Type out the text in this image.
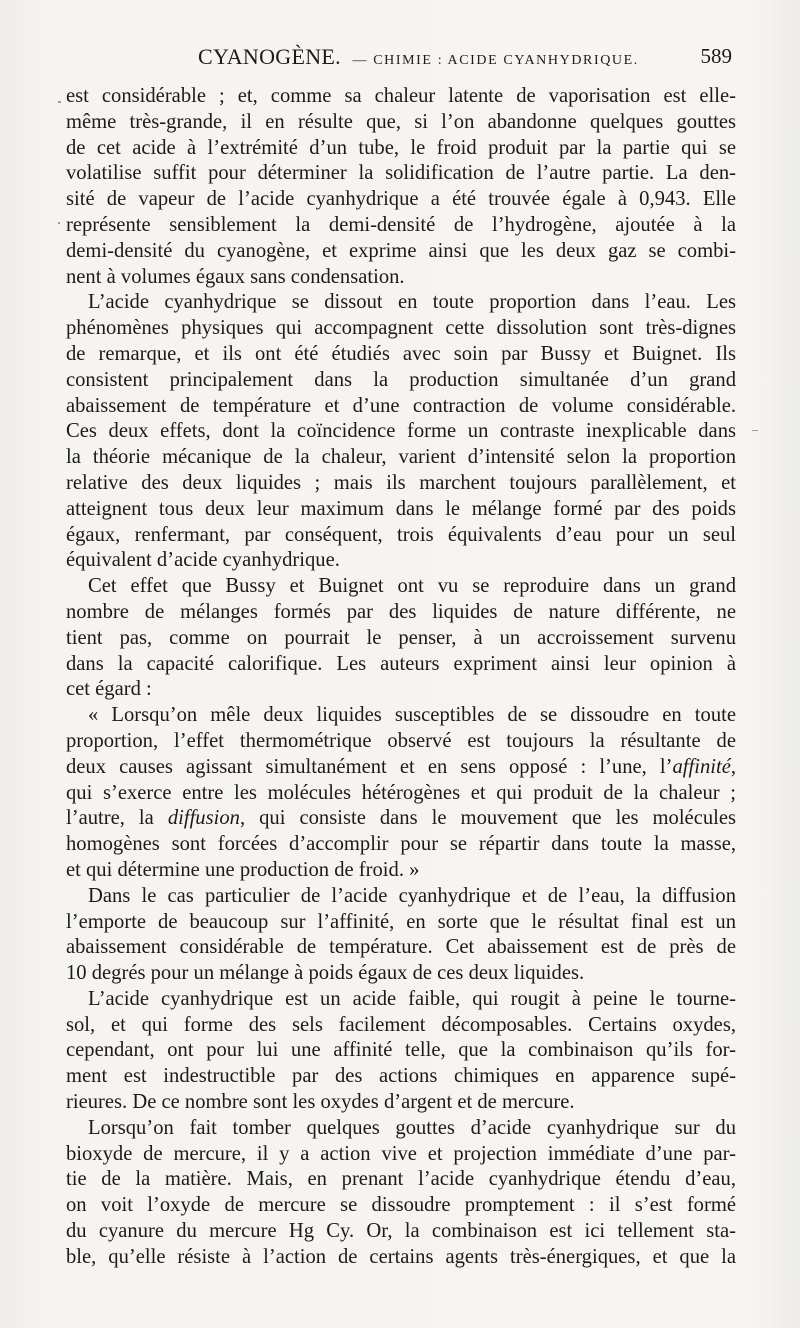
CYANOGÈNE. — CHIMIE : ACIDE CYANHYDRIQUE.	589
est considérable ; et, comme sa chaleur latente de vaporisation est elle-
même très-grande, il en résulte que, si l’on abandonne quelques gouttes
de cet acide à l’extrémité d’un tube, le froid produit par la partie qui se
volatilise suffit pour déterminer la solidification de l’autre partie. La den-
sité de vapeur de l’acide cyanhydrique a été trouvée égale à 0,943. Elle
représente sensiblement la demi-densité de l’hydrogène, ajoutée à la
demi-densité du cyanogène, et exprime ainsi que les deux gaz se combi-
nent à volumes égaux sans condensation.
L’acide cyanhydrique se dissout en toute proportion dans l’eau. Les
phénomènes physiques qui accompagnent cette dissolution sont très-dignes
de remarque, et ils ont été étudiés avec soin par Bussy et Buignet. Ils
consistent principalement dans la production simultanée d’un grand
abaissement de température et d’une contraction de volume considérable.
Ces deux effets, dont la coïncidence forme un contraste inexplicable dans
la théorie mécanique de la chaleur, varient d’intensité selon la proportion
relative des deux liquides ; mais ils marchent toujours parallèlement, et
atteignent tous deux leur maximum dans le mélange formé par des poids
égaux, renfermant, par conséquent, trois équivalents d’eau pour un seul
équivalent d’acide cyanhydrique.
Cet effet que Bussy et Buignet ont vu se reproduire dans un grand
nombre de mélanges formés par des liquides de nature différente, ne
tient pas, comme on pourrait le penser, à un accroissement survenu
dans la capacité calorifique. Les auteurs expriment ainsi leur opinion à
cet égard :
« Lorsqu’on mêle deux liquides susceptibles de se dissoudre en toute
proportion, l’effet thermométrique observé est toujours la résultante de
deux causes agissant simultanément et en sens opposé : l’une, l’affinité,
qui s’exerce entre les molécules hétérogènes et qui produit de la chaleur ;
l’autre, la diffusion, qui consiste dans le mouvement que les molécules
homogènes sont forcées d’accomplir pour se répartir dans toute la masse,
et qui détermine une production de froid. »
Dans le cas particulier de l’acide cyanhydrique et de l’eau, la diffusion
l’emporte de beaucoup sur l’affinité, en sorte que le résultat final est un
abaissement considérable de température. Cet abaissement est de près de
10 degrés pour un mélange à poids égaux de ces deux liquides.
L’acide cyanhydrique est un acide faible, qui rougit à peine le tourne-
sol, et qui forme des sels facilement décomposables. Certains oxydes,
cependant, ont pour lui une affinité telle, que la combinaison qu’ils for-
ment est indestructible par des actions chimiques en apparence supé-
rieures. De ce nombre sont les oxydes d’argent et de mercure.
Lorsqu’on fait tomber quelques gouttes d’acide cyanhydrique sur du
bioxyde de mercure, il y a action vive et projection immédiate d’une par-
tie de la matière. Mais, en prenant l’acide cyanhydrique étendu d’eau,
on voit l’oxyde de mercure se dissoudre promptement : il s’est formé
du cyanure du mercure Hg Cy. Or, la combinaison est ici tellement sta-
ble, qu’elle résiste à l’action de certains agents très-énergiques, et que la
